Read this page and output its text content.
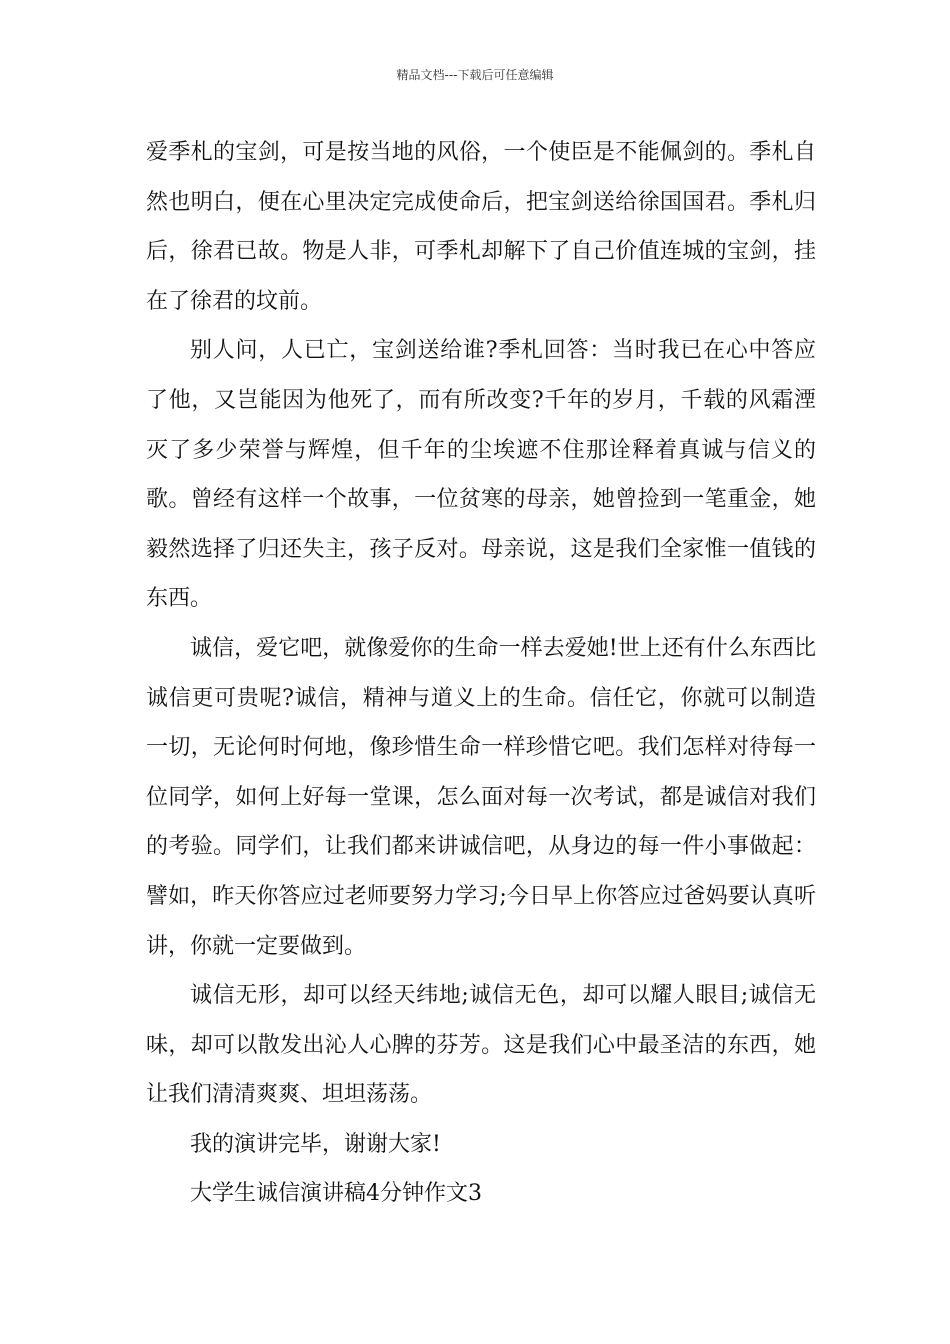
精品文档---下载后可任意编辑

爱季札的宝剑，可是按当地的风俗，一个使臣是不能佩剑的。季札自然也明白，便在心里决定完成使命后，把宝剑送给徐国国君。季札归后，徐君已故。物是人非，可季札却解下了自己价值连城的宝剑，挂在了徐君的坟前。

别人问，人已亡，宝剑送给谁?季札回答：当时我已在心中答应了他，又岂能因为他死了，而有所改变?千年的岁月，千载的风霜湮灭了多少荣誉与辉煌，但千年的尘埃遮不住那诠释着真诚与信义的歌。曾经有这样一个故事，一位贫寒的母亲，她曾捡到一笔重金，她毅然选择了归还失主，孩子反对。母亲说，这是我们全家惟一值钱的东西。

诚信，爱它吧，就像爱你的生命一样去爱她!世上还有什么东西比诚信更可贵呢?诚信，精神与道义上的生命。信任它，你就可以制造一切，无论何时何地，像珍惜生命一样珍惜它吧。我们怎样对待每一位同学，如何上好每一堂课，怎么面对每一次考试，都是诚信对我们的考验。同学们，让我们都来讲诚信吧，从身边的每一件小事做起：譬如，昨天你答应过老师要努力学习;今日早上你答应过爸妈要认真听讲，你就一定要做到。

诚信无形，却可以经天纬地;诚信无色，却可以耀人眼目;诚信无味，却可以散发出沁人心脾的芬芳。这是我们心中最圣洁的东西，她让我们清清爽爽、坦坦荡荡。

我的演讲完毕，谢谢大家!

大学生诚信演讲稿4分钟作文3
